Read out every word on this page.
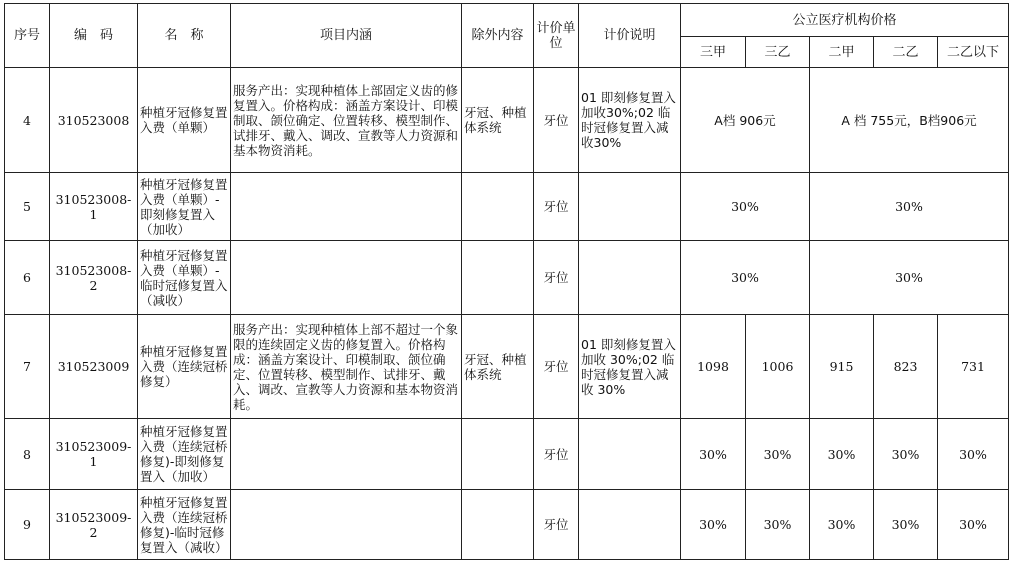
序号	编　码	名　称	项目内涵	除外内容	计价单位	计价说明	公立医疗机构价格				
							三甲	三乙	二甲	二乙	二乙以下
4	310523008	种植牙冠修复置入费（单颗）	服务产出：实现种植体上部固定义齿的修复置入。价格构成：涵盖方案设计、印模制取、颌位确定、位置转移、模型制作、试排牙、戴入、调改、宣教等人力资源和基本物资消耗。	牙冠、种植体系统	牙位	01 即刻修复置入加收30%;02 临时冠修复置入减收30%	A档 906元		A 档 755元，B档906元		
5	310523008-1	种植牙冠修复置入费（单颗）-即刻修复置入（加收）			牙位		30%		30%		
6	310523008-2	种植牙冠修复置入费（单颗）-临时冠修复置入（减收）			牙位		30%		30%		
7	310523009	种植牙冠修复置入费（连续冠桥修复）	服务产出：实现种植体上部不超过一个象限的连续固定义齿的修复置入。价格构成：涵盖方案设计、印模制取、颌位确定、位置转移、模型制作、试排牙、戴入、调改、宣教等人力资源和基本物资消耗。	牙冠、种植体系统	牙位	01 即刻修复置入加收 30%;02 临时冠修复置入减收 30%	1098	1006	915	823	731
8	310523009-1	种植牙冠修复置入费（连续冠桥修复)-即刻修复置入（加收）			牙位		30%	30%	30%	30%	30%
9	310523009-2	种植牙冠修复置入费（连续冠桥修复)-临时冠修复置入（减收）			牙位		30%	30%	30%	30%	30%
